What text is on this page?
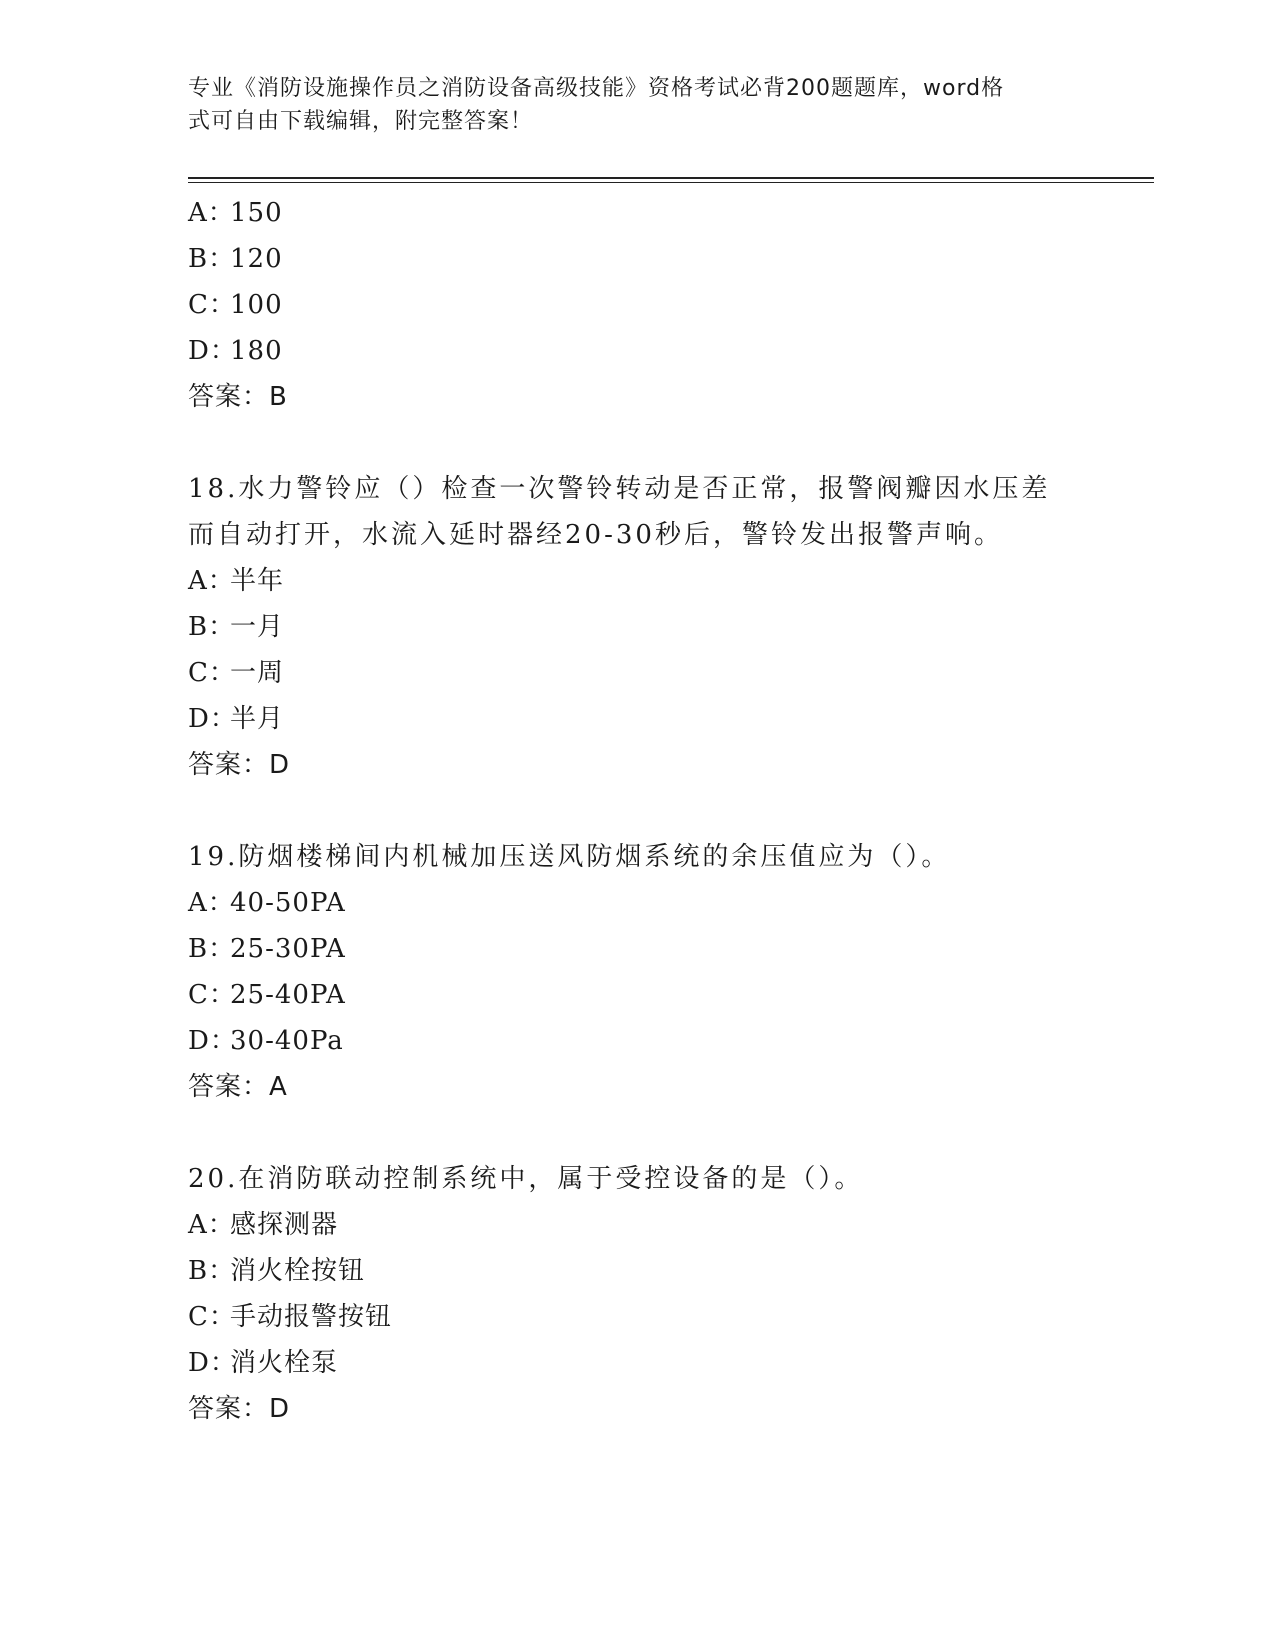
专业《消防设施操作员之消防设备高级技能》资格考试必背200题题库，word格
式可自由下载编辑，附完整答案！
A：150
B：120
C：100
D：180
答案：B
18.水力警铃应（）检查一次警铃转动是否正常，报警阀瓣因水压差而自动打开，水流入延时器经20-30秒后，警铃发出报警声响。
A：半年
B：一月
C：一周
D：半月
答案：D
19.防烟楼梯间内机械加压送风防烟系统的余压值应为（）。
A：40-50PA
B：25-30PA
C：25-40PA
D：30-40Pa
答案：A
20.在消防联动控制系统中，属于受控设备的是（）。
A：感探测器
B：消火栓按钮
C：手动报警按钮
D：消火栓泵
答案：D
